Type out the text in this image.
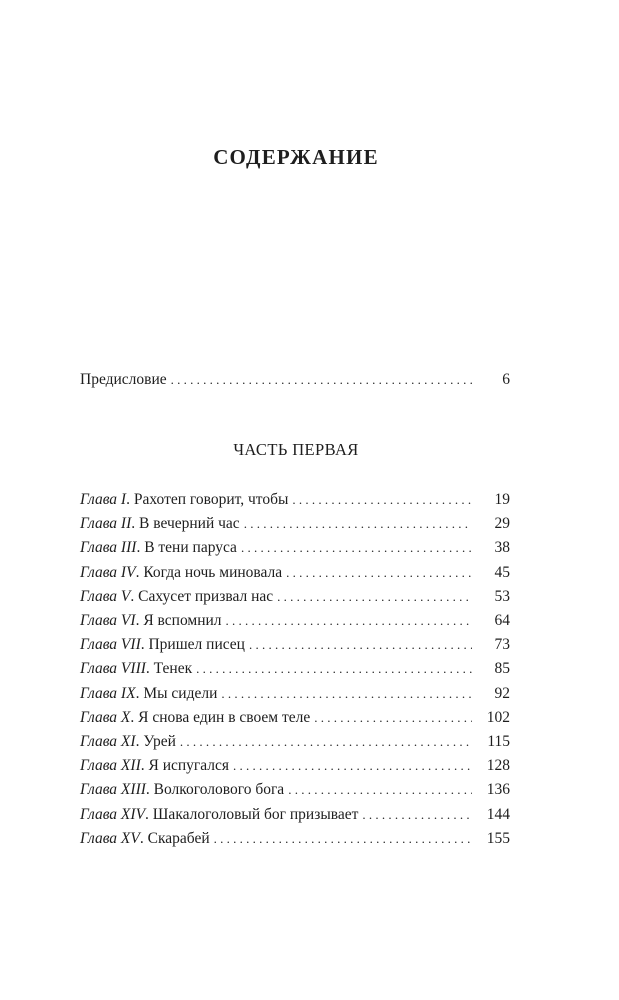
СОДЕРЖАНИЕ
Предисловие . . .	6
ЧАСТЬ ПЕРВАЯ
Глава I. Рахотеп говорит, чтобы . . .	19
Глава II. В вечерний час . . .	29
Глава III. В тени паруса . . .	38
Глава IV. Когда ночь миновала . . .	45
Глава V. Сахусет призвал нас . . .	53
Глава VI. Я вспомнил . . .	64
Глава VII. Пришел писец . . .	73
Глава VIII. Тенек . . .	85
Глава IX. Мы сидели . . .	92
Глава X. Я снова един в своем теле . . .	102
Глава XI. Урей . . .	115
Глава XII. Я испугался . . .	128
Глава XIII. Волкоголового бога . . .	136
Глава XIV. Шакалоголовый бог призывает . . .	144
Глава XV. Скарабей . . .	155
